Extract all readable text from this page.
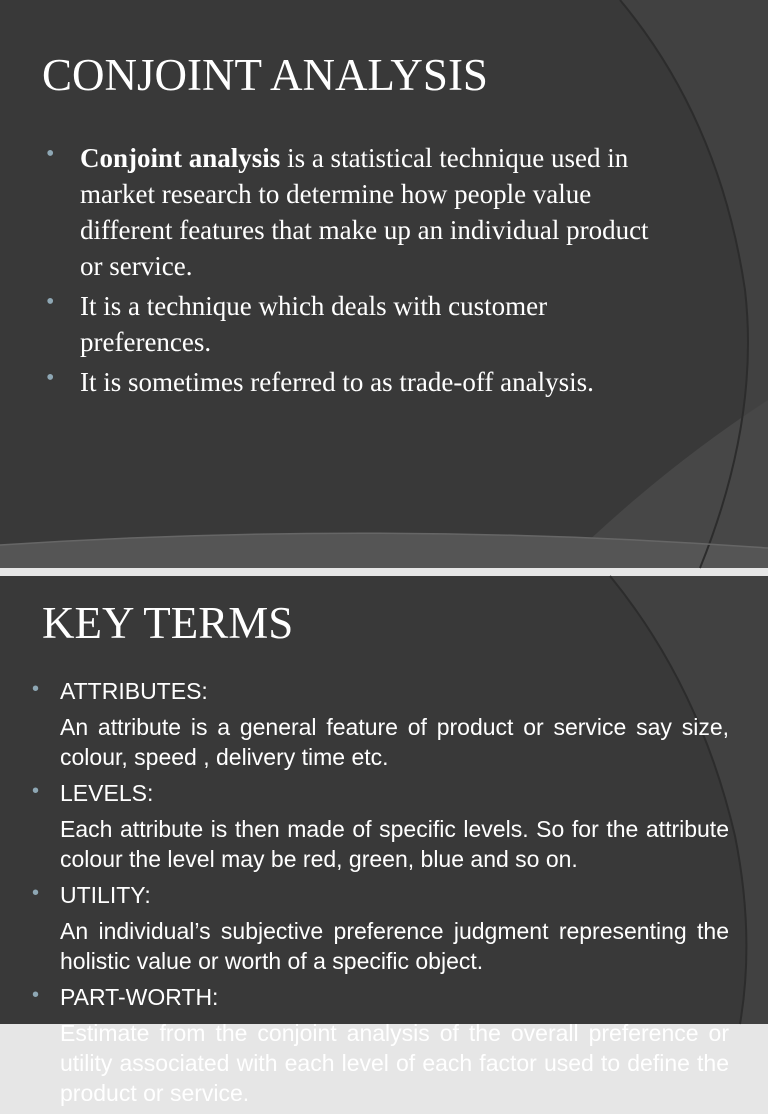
CONJOINT ANALYSIS
• Conjoint analysis is a statistical technique used in market research to determine how people value different features that make up an individual product or service.
• It is a technique which deals with customer preferences.
• It is sometimes referred to as trade-off analysis.
KEY TERMS
• ATTRIBUTES:
An attribute is a general feature of product or service say size, colour, speed , delivery time etc.
• LEVELS:
Each attribute is then made of specific levels. So for the attribute colour the level may be red, green, blue and so on.
• UTILITY:
An individual’s subjective preference judgment representing the holistic value or worth of a specific object.
• PART-WORTH:
Estimate from the conjoint analysis of the overall preference or utility associated with each level of each factor used to define the product or service.
